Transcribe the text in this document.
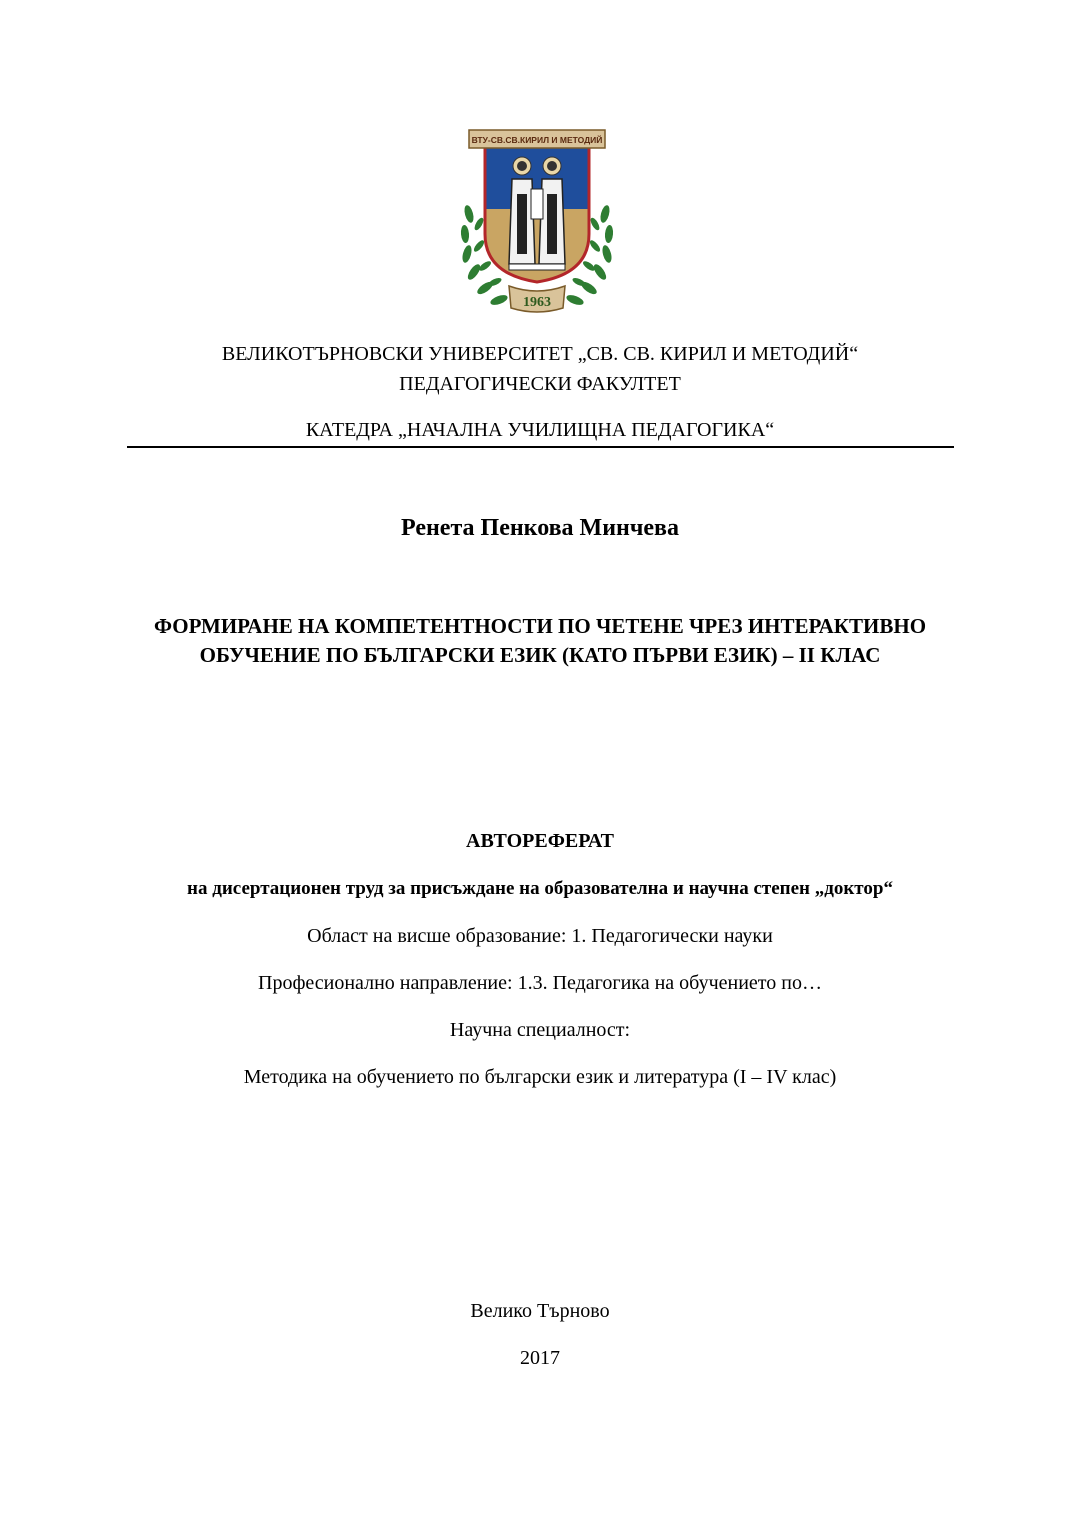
ВТУ-СВ.СВ.КИРИЛ И МЕТОДИЙ
1963
ВЕЛИКОТЪРНОВСКИ УНИВЕРСИТЕТ „СВ. СВ. КИРИЛ И МЕТОДИЙ“
ПЕДАГОГИЧЕСКИ ФАКУЛТЕТ
КАТЕДРА „НАЧАЛНА УЧИЛИЩНА ПЕДАГОГИКА“
Ренета Пенкова Минчева
ФОРМИРАНЕ НА КОМПЕТЕНТНОСТИ ПО ЧЕТЕНЕ ЧРЕЗ ИНТЕРАКТИВНО
ОБУЧЕНИЕ ПО БЪЛГАРСКИ ЕЗИК (КАТО ПЪРВИ ЕЗИК) – II КЛАС
АВТОРЕФЕРАТ
на дисертационен труд за присъждане на образователна и научна степен „доктор“
Област на висше образование: 1. Педагогически науки
Професионално направление: 1.3. Педагогика на обучението по…
Научна специалност:
Методика на обучението по български език и литература (I – IV клас)
Велико Търново
2017
